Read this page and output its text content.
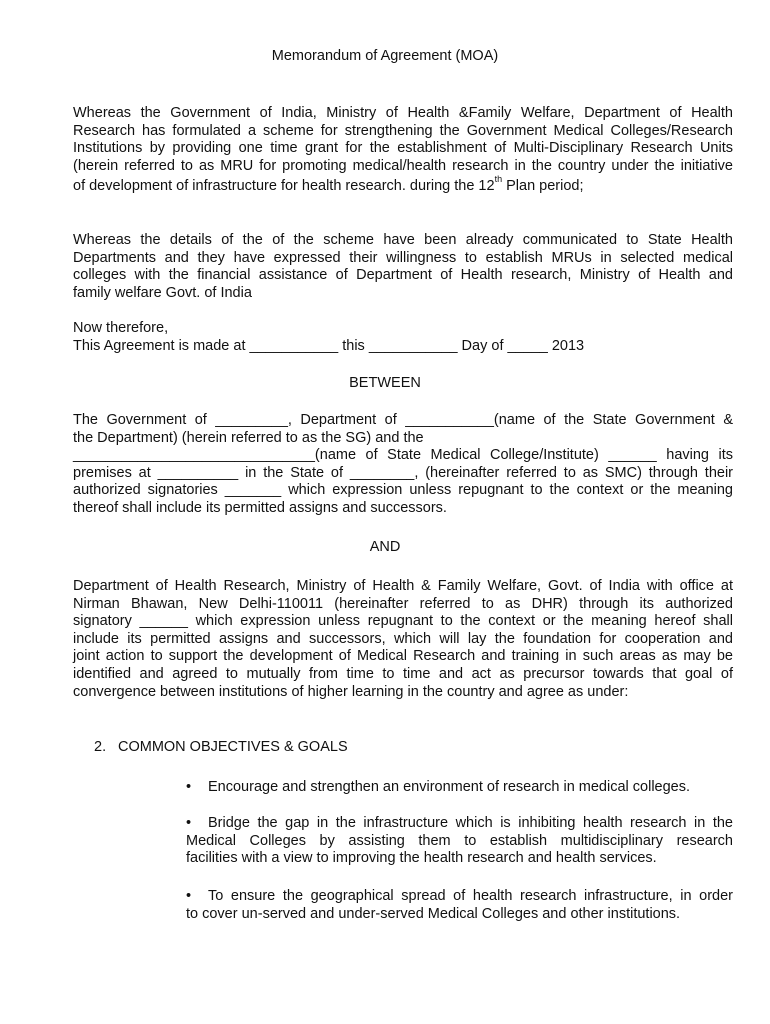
Memorandum of Agreement (MOA)
Whereas the Government of India, Ministry of Health &Family Welfare, Department of Health
Research has formulated a scheme for strengthening the Government Medical Colleges/Research
Institutions by providing one time grant for the establishment of Multi-Disciplinary Research Units
(herein referred to as MRU for promoting medical/health research in the country under the initiative
of development of infrastructure for health research. during the 12th Plan period;
Whereas the details of the of the scheme have been already communicated to State Health
Departments and they have expressed their willingness to establish MRUs in selected medical
colleges with the financial assistance of Department of Health research, Ministry of Health and
family welfare Govt. of India
Now therefore,
This Agreement is made at ___________ this ___________ Day of _____ 2013
BETWEEN
The Government of _________, Department of ___________(name of the State Government &
the Department) (herein referred to as the SG) and the
______________________________(name of State Medical College/Institute) ______ having its
premises at __________ in the State of ________, (hereinafter referred to as SMC) through their
authorized signatories _______ which expression unless repugnant to the context or the meaning
thereof shall include its permitted assigns and successors.
AND
Department of Health Research, Ministry of Health & Family Welfare, Govt. of India with office at
Nirman Bhawan, New Delhi-110011 (hereinafter referred to as DHR) through its authorized
signatory ______ which expression unless repugnant to the context or the meaning hereof shall
include its permitted assigns and successors, which will lay the foundation for cooperation and
joint action to support the development of Medical Research and training in such areas as may be
identified and agreed to mutually from time to time and act as precursor towards that goal of
convergence between institutions of higher learning in the country and agree as under:
2. COMMON OBJECTIVES & GOALS
• Encourage and strengthen an environment of research in medical colleges.
• Bridge the gap in the infrastructure which is inhibiting health research in the
Medical Colleges by assisting them to establish multidisciplinary research
facilities with a view to improving the health research and health services.
• To ensure the geographical spread of health research infrastructure, in order
to cover un-served and under-served Medical Colleges and other institutions.
